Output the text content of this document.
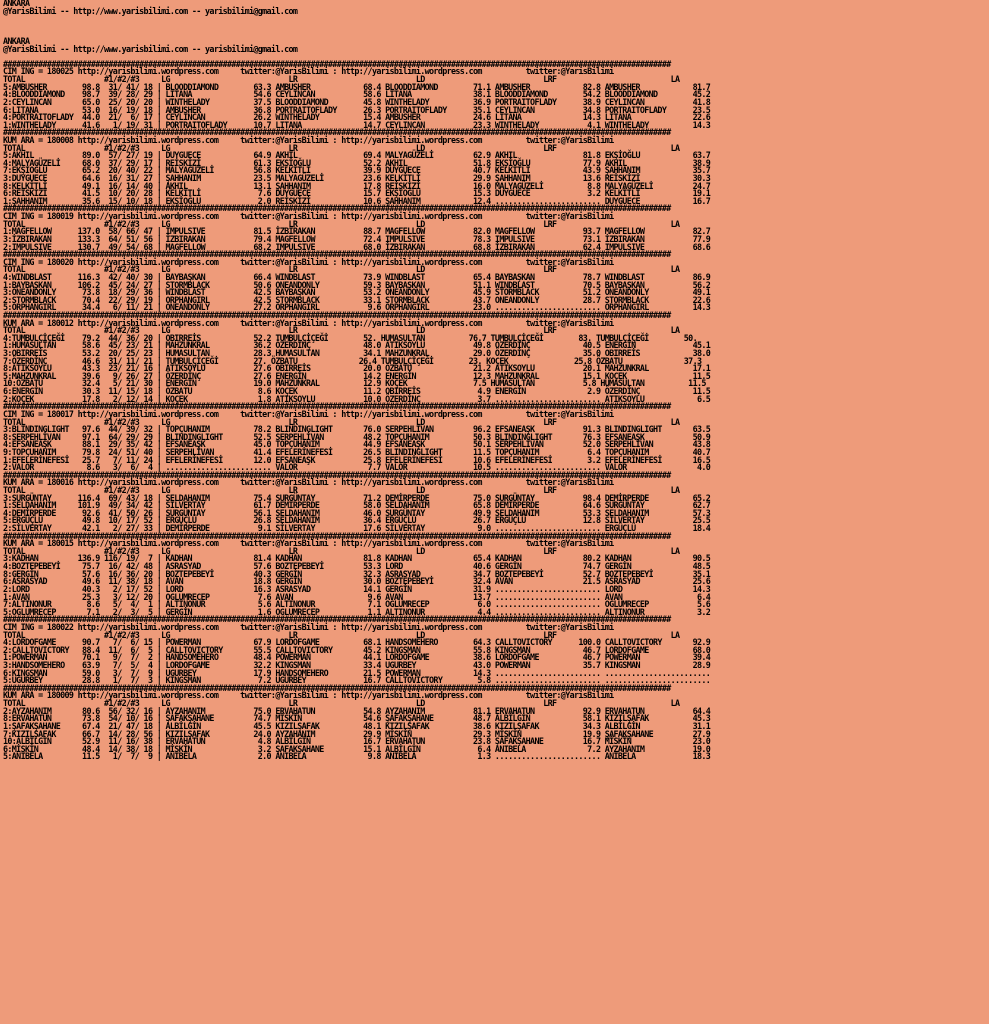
ANKARA
@YarisBilimi -- http://www.yarisbilimi.com -- yarisbilimi@gmail.com

ANKARA
@YarisBilimi -- http://www.yarisbilimi.com -- yarisbilimi@gmail.com

########################################################################################################################################################
CIM ING = 180025 http://yarisbilimi.wordpress.com     twitter:@YarisBilimi : http://yarisbilimi.wordpress.com          twitter:@YarisBilimi
TOTAL                  #1/#2/#3     LG                           LR                           LD                           LRF                          LA
5:AMBUSHER        98.8  31/ 41/ 18 | BLOODDIAMOND        63.3 AMBUSHER            68.4 BLOODDIAMOND        71.1 AMBUSHER            82.8 AMBUSHER            81.7
4:BLOODDIAMOND    98.7  39/ 28/ 29 | LITANA              54.6 CEYLINCAN           58.6 LITANA              38.1 BLOODDIAMOND        54.2 BLOODDIAMOND        45.2
2:CEYLINCAN       65.0  25/ 20/ 20 | WINTHELADY          37.5 BLOODDIAMOND        45.8 WINTHELADY          36.9 PORTRAITOFLADY      38.9 CEYLINCAN           41.8
6:LITANA          53.0  16/ 19/ 18 | AMBUSHER            36.8 PORTRAITOFLADY      26.3 PORTRAITOFLADY      35.1 CEYLINCAN           34.8 PORTRAITOFLADY      23.5
4:PORTRAITOFLADY  44.0  21/  6/ 17 | CEYLINCAN           26.2 WINTHELADY          15.4 AMBUSHER            24.6 LITANA              14.3 LITANA              22.6
1:WINTHELADY      41.6   1/ 19/ 31 | PORTRAITOFLADY      10.7 LITANA              14.7 CEYLINCAN           23.3 WINTHELADY           4.1 WINTHELADY          14.3
########################################################################################################################################################
KUM ARA = 180008 http://yarisbilimi.wordpress.com     twitter:@YarisBilimi : http://yarisbilimi.wordpress.com          twitter:@YarisBilimi
TOTAL                  #1/#2/#3     LG                           LR                           LD                           LRF                          LA
5:AKHIL           89.0  57/ 27/ 19 | DUYGUECE            64.9 AKHIL               69.4 MALYAGÜZELİ         62.9 AKHIL               81.8 EKŞİOĞLU            63.7
4:MALYAGÜZELİ     68.0  37/ 29/ 17 | REİSKİZİ            61.3 EKŞİOĞLU            52.2 AKHIL               51.8 EKŞİOĞLU            77.9 AKHIL               38.9
7:EKŞİOĞLU        65.2  20/ 40/ 22 | MALYAGÜZELİ         56.8 KELKİTLİ            39.9 DUYGUECE            40.7 KELKİTLİ            43.9 ŞAHHANIM            35.7
3:DUYGUECE        64.6  16/ 31/ 27 | ŞAHHANIM            23.5 MALYAGÜZELİ         23.6 KELKİTLİ            29.9 ŞAHHANIM            13.6 REİSKİZİ            30.3
8:KELKİTLİ        49.1  16/ 14/ 40 | AKHIL               13.1 ŞAHHANIM            17.8 REİSKİZİ            16.0 MALYAGÜZELİ          8.8 MALYAGÜZELİ         24.7
6:REİSKİZİ        41.5  10/ 20/ 28 | KELKİTLİ             7.6 DUYGUECE            15.7 EKŞİOĞLU            15.3 DUYGUECE             3.2 KELKİTLİ            19.1
1:ŞAHHANIM        35.6  15/ 10/ 18 | EKŞİOĞLU             2.0 REİSKİZİ            10.6 ŞAHHANIM            12.4 ........................ DUYGUECE            16.7
########################################################################################################################################################
CIM ING = 180019 http://yarisbilimi.wordpress.com     twitter:@YarisBilimi : http://yarisbilimi.wordpress.com          twitter:@YarisBilimi
TOTAL                  #1/#2/#3     LG                           LR                           LD                           LRF                          LA
1:MAGFELLOW      137.0  58/ 66/ 47 | IMPULSIVE           81.5 İZBIRAKAN           88.7 MAGFELLOW           82.0 MAGFELLOW           93.7 MAGFELLOW           82.7
3:İZBIRAKAN      133.3  64/ 51/ 56 | İZBIRAKAN           79.4 MAGFELLOW           72.4 IMPULSIVE           78.3 IMPULSIVE           73.1 İZBIRAKAN           77.9
2:IMPULSIVE      130.7  49/ 54/ 68 | MAGFELLOW           68.2 IMPULSIVE           68.0 İZBIRAKAN           68.8 İZBIRAKAN           62.4 IMPULSIVE           68.6
########################################################################################################################################################
CIM ING = 180020 http://yarisbilimi.wordpress.com     twitter:@YarisBilimi : http://yarisbilimi.wordpress.com          twitter:@YarisBilimi
TOTAL                  #1/#2/#3     LG                           LR                           LD                           LRF                          LA
4:WINDBLAST      116.3  42/ 40/ 30 | BAYBAŞKAN           66.4 WINDBLAST           73.9 WINDBLAST           65.4 BAYBAŞKAN           78.7 WINDBLAST           86.9
1:BAYBAŞKAN      106.2  45/ 24/ 27 | STORMBLACK          50.6 ONEANDONLY          59.3 BAYBAŞKAN           51.1 WINDBLAST           70.5 BAYBAŞKAN           56.2
3:ONEANDONLY      73.8  18/ 29/ 36 | WINDBLAST           42.5 BAYBAŞKAN           53.2 ONEANDONLY          45.9 STORMBLACK          51.2 ONEANDONLY          49.1
2:STORMBLACK      70.4  22/ 29/ 19 | ORPHANGIRL          42.5 STORMBLACK          33.1 STORMBLACK          43.7 ONEANDONLY          28.7 STORMBLACK          22.6
5:ORPHANGIRL      34.4   6/ 11/ 21 | ONEANDONLY          27.2 ORPHANGIRL           9.6 ORPHANGIRL          23.0 ........................ ORPHANGIRL          14.3
########################################################################################################################################################
KUM ARA = 180012 http://yarisbilimi.wordpress.com     twitter:@YarisBilimi : http://yarisbilimi.wordpress.com          twitter:@YarisBilimi
TOTAL                  #1/#2/#3     LG                           LR                           LD                           LRF                          LA
4:TUMBULÇİÇEĞİ    79.2  44/ 36/ 20 | OBIRREİS            52.2 TUMBULÇİÇEĞİ        52. HUMASULTAN          76.7 TUMBULÇİÇEĞİ        83. TUMBULÇİÇEĞİ        50.
1:HUMASULTAN      58.6  45/ 23/ 21 | MAHZUNKRAL          36.2 ÖZERDİNÇ            48.0 ATIKSOYLU           49.8 ÖZERDİNÇ            40.5 ENERGİN             45.1
3:OBIRREİS        53.2  20/ 25/ 23 | HUMASULTAN          28.3 HUMASULTAN          34.1 MAHZUNKRAL          29.0 ÖZERDİNÇ            35.0 OBIRREİS            38.0
7:ÖZERDİNÇ        46.6  31/ 11/ 21 | TUMBULÇİÇEĞİ        27. ÖZBATU              26.4 TUMBULÇİÇEĞİ        23. KOÇEK               25.8 ÖZBATU              37.3
8:ATIKSOYLU       43.3  23/ 21/ 16 | ATIKSOYLU           27.6 OBIRREİS            20.0 ÖZBATU              21.2 ATIKSOYLU           20.1 MAHZUNKRAL          17.1
5:MAHZUNKRAL      39.6   9/ 26/ 27 | ÖZERDİNÇ            27.6 ENERGİN             14.2 ENERGİN             12.3 MAHZUNKRAL          15.1 KOÇEK               11.5
10:ÖZBATU         32.4   5/ 21/ 30 | ENERGİN             19.0 MAHZUNKRAL          12.9 KOÇEK               7.5 HUMASULTAN           5.8 HUMASULTAN          11.5
6:ENERGİN         30.3  11/ 15/ 18 | ÖZBATU               8.6 KOÇEK               11.2 OBIRREİS             4.9 ENERGİN              2.9 ÖZERDİNÇ            11.5
2:KOÇEK           17.8   2/ 12/ 14 | KOÇEK                1.8 ATIKSOYLU           10.0 ÖZERDİNÇ             3.7 ........................ ATIKSOYLU            6.5
########################################################################################################################################################
CIM ING = 180017 http://yarisbilimi.wordpress.com     twitter:@YarisBilimi : http://yarisbilimi.wordpress.com          twitter:@YarisBilimi
TOTAL                  #1/#2/#3     LG                           LR                           LD                           LRF                          LA
3:BLINDINGLIGHT   97.6  44/ 39/ 32 | TOPÇUHANIM          78.2 BLINDINGLIGHT       76.0 SERPEHLİVAN         96.2 EFSANEAŞK           91.3 BLINDINGLIGHT       63.5
8:SERPEHLİVAN     97.1  64/ 29/ 29 | BLINDINGLIGHT       52.5 SERPEHLİVAN         48.2 TOPÇUHANIM          50.3 BLINDINGLIGHT       76.3 EFSANEAŞK           50.9
4:EFSANEAŞK       88.1  29/ 35/ 42 | EFSANEAŞK           45.0 TOPÇUHANIM          44.9 EFSANEAŞK           50.1 SERPEHLİVAN         52.0 SERPEHLİVAN         43.8
9:TOPÇUHANIM      79.8  24/ 51/ 40 | SERPEHLİVAN         41.4 EFELERİNEFESİ       26.5 BLINDINGLIGHT       11.5 TOPÇUHANIM           6.4 TOPÇUHANIM          40.7
1:EFELERİNEFESİ   25.7   7/ 11/ 24 | EFELERİNEFESİ       12.0 EFSANEAŞK           25.8 EFELERİNEFESİ       10.6 EFELERİNEFESİ        3.2 EFELERİNEFESİ       16.5
2:VALOR            8.6   3/  6/  4 | ........................ VALOR                7.7 VALOR               10.5 ........................ VALOR                4.0
########################################################################################################################################################
KUM ARA = 180016 http://yarisbilimi.wordpress.com     twitter:@YarisBilimi : http://yarisbilimi.wordpress.com          twitter:@YarisBilimi
TOTAL                  #1/#2/#3     LG                           LR                           LD                           LRF                          LA
3:SURGÜNTAY      116.4  69/ 43/ 18 | SELDAHANIM          75.4 SURGÜNTAY           71.2 DEMİRPERDE          75.0 SURGÜNTAY           98.4 DEMİRPERDE          65.2
1:SELDAHANIM     101.9  49/ 34/ 42 | SİLVERTAY           61.7 DEMİRPERDE          58.0 SELDAHANIM          65.8 DEMİRPERDE          64.6 SURGÜNTAY           62.7
4:DEMİRPERDE      92.6  41/ 50/ 26 | SURGÜNTAY           56.1 SELDAHANIM          46.0 SURGÜNTAY           49.9 SELDAHANIM          53.3 SELDAHANIM          57.3
5:ERGÜÇLÜ         49.8  10/ 17/ 52 | ERGÜÇLÜ             26.8 SELDAHANIM          36.4 ERGÜÇLÜ             26.7 ERGÜÇLÜ             12.8 SİLVERTAY           25.5
2:SİLVERTAY       42.1   2/ 27/ 33 | DEMİRPERDE           9.1 SİLVERTAY           17.6 SİLVERTAY            9.0 ........................ ERGÜÇLÜ             18.4
########################################################################################################################################################
KUM ARA = 180015 http://yarisbilimi.wordpress.com     twitter:@YarisBilimi : http://yarisbilimi.wordpress.com          twitter:@YarisBilimi
TOTAL                  #1/#2/#3     LG                           LR                           LD                           LRF                          LA
3:KADHAN         136.9 116/ 19/  7 | KADHAN              81.4 KADHAN              81.8 KADHAN              65.4 KADHAN              80.2 KADHAN              90.5
4:BOZTEPEBEYİ     75.7  16/ 42/ 48 | ASRASYAD            57.6 BOZTEPEBEYİ         53.3 LORD                40.6 GERGİN              74.7 GERGİN              48.5
8:GERGİN          57.6  16/ 36/ 20 | BOZTEPEBEYİ         40.3 GERGİN              32.3 ASRASYAD            34.7 BOZTEPEBEYİ         52.7 BOZTEPEBEYİ         35.1
6:ASRASYAD        49.6  11/ 38/ 18 | AVAN                18.8 GERGİN              30.0 BOZTEPEBEYİ         32.4 AVAN                21.5 ASRASYAD            25.6
2:LORD            40.3   2/ 17/ 52 | LORD                16.3 ASRASYAD            14.1 GERGİN              31.9 ........................ LORD                14.3
1:AVAN            25.3   3/ 12/ 20 | OGLUMRECEP           7.6 AVAN                 9.6 AVAN                13.7 ........................ AVAN                 6.4
7:ALTINONUR        8.6   5/  4/  1 | ALTINONUR            5.6 ALTINONUR            7.1 OGLUMRECEP           6.0 ........................ OGLUMRECEP           5.6
5:OGLUMRECEP       7.1   2/  3/  5 | GERGİN               1.6 OGLUMRECEP           1.1 ALTINONUR            4.4 ........................ ALTINONUR            3.2
########################################################################################################################################################
CIM ING = 180022 http://yarisbilimi.wordpress.com     twitter:@YarisBilimi : http://yarisbilimi.wordpress.com          twitter:@YarisBilimi
TOTAL                  #1/#2/#3     LG                           LR                           LD                           LRF                          LA
4:LORDOFGAME      90.7   7/  6/ 15 | POWERMAN            67.9 LORDOFGAME          68.1 HANDSOMEHERO        64.3 CALLTOVICTORY      100.0 CALLTOVICTORY       92.9
2:CALLTOVICTORY   88.4  11/  6/  5 | CALLTOVICTORY       55.5 CALLTOVICTORY       45.2 KINGSMAN            55.8 KINGSMAN            46.7 LORDOFGAME          68.0
1:POWERMAN        70.1   9/  7/  2 | HANDSOMEHERO        48.4 POWERMAN            44.1 LORDOFGAME          38.6 LORDOFGAME          46.7 POWERMAN            39.4
3:HANDSOMEHERO    63.9   7/  5/  4 | LORDOFGAME          32.2 KINGSMAN            33.4 UGURBEY             43.0 POWERMAN            35.7 KINGSMAN            28.9
6:KINGSMAN        59.0   3/  7/  9 | UGURBEY             17.9 HANDSOMEHERO        21.5 POWERMAN            14.3 ........................ ........................
5:UGURBEY         28.8   1/  7/  3 | KINGSMAN             7.2 UGURBEY             16.7 CALLTOVICTORY        5.8 ........................ ........................
########################################################################################################################################################
KUM ARA = 180009 http://yarisbilimi.wordpress.com     twitter:@YarisBilimi : http://yarisbilimi.wordpress.com          twitter:@YarisBilimi
TOTAL                  #1/#2/#3     LG                           LR                           LD                           LRF                          LA
2:AYZAHANIM       80.6  56/ 32/ 16 | AYZAHANIM           75.0 ERVAHATUN           54.8 AYZAHANIM           81.1 ERVAHATUN           92.9 ERVAHATUN           64.4
8:ERVAHATUN       73.8  54/ 10/ 16 | ŞAFAKŞAHANE         74.7 MİSKİN              54.6 ŞAFAKŞAHANE         48.7 ALBİLGİN            58.1 KIZILŞAFAK          45.3
1:ŞAFAKŞAHANE     67.4  21/ 47/ 18 | ALBİLGİN            45.5 KIZILŞAFAK          48.1 KIZILŞAFAK          38.6 KIZILŞAFAK          34.3 ALBİLGİN            31.1
7:KIZILŞAFAK      66.7  14/ 28/ 56 | KIZILŞAFAK          24.0 AYZAHANIM           29.9 MİSKİN              29.3 MİSKİN              19.9 ŞAFAKŞAHANE         27.9
10:ALBİLGİN       52.9  11/ 16/ 38 | ERVAHATUN            4.8 ALBİLGİN            16.7 ERVAHATUN           23.8 ŞAFAKŞAHANE         16.7 MİSKİN              23.0
6:MİSKİN          48.4  14/ 38/ 18 | MİSKİN               3.2 ŞAFAKŞAHANE         15.1 ALBİLGİN             6.4 ANIBELA              7.2 AYZAHANIM           19.0
5:ANIBELA         11.5   1/  7/  9 | ANIBELA              2.0 ANIBELA              9.8 ANIBELA              1.3 ........................ ANIBELA             18.3
